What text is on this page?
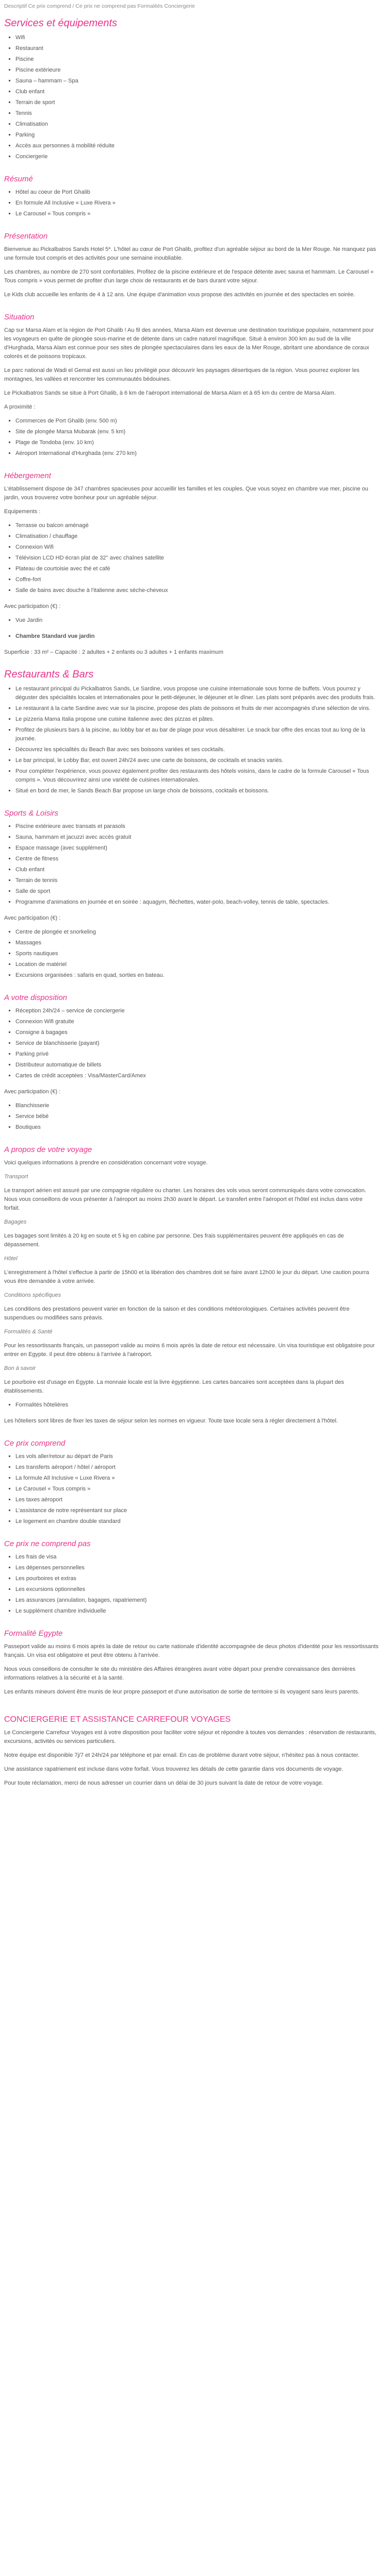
Descriptif Ce prix comprend / Ce prix ne comprend pas Formalités Conciergerie
Services et équipements
▪ Wifi
▪ Restaurant
▪ Piscine
▪ Piscine extérieure
▪ Sauna – hammam – Spa
▪ Club enfant
▪ Terrain de sport
▪ Tennis
▪ Climatisation
▪ Parking
▪ Accès aux personnes à mobilité réduite
▪ Conciergerie
Résumé
▪ Hôtel au coeur de Port Ghalib
▪ En formule All Inclusive « Luxe Rivera »
▪ Le Carousel « Tous compris »
Présentation

Bienvenue au Pickalbatros Sands Hotel 5*. L'hôtel au cœur de Port Ghalib, profitez d'un agréable séjour au bord de la Mer Rouge. Ne manquez pas une formule tout compris et des activités pour une semaine inoubliable.

Les chambres, au nombre de 270 sont confortables. Profitez de la piscine extérieure et de l'espace détente avec sauna et hammam. Le Carousel « Tous compris » vous permet de profiter d'un large choix de restaurants et de bars durant votre séjour.

Le Kids club accueille les enfants de 4 à 12 ans. Une équipe d'animation vous propose des activités en journée et des spectacles en soirée.

Situation

Cap sur Marsa Alam et la région de Port Ghalib ! Au fil des années, Marsa Alam est devenue une destination touristique populaire, notamment pour les voyageurs en quête de plongée sous-marine et de détente dans un cadre naturel magnifique. Situé à environ 300 km au sud de la ville d'Hurghada, Marsa Alam est connue pour ses sites de plongée spectaculaires dans les eaux de la Mer Rouge, abritant une abondance de coraux colorés et de poissons tropicaux.

Le parc national de Wadi el Gemal est aussi un lieu privilégié pour découvrir les paysages désertiques de la région. Vous pourrez explorer les montagnes, les vallées et rencontrer les communautés bédouines.

Le Pickalbatros Sands se situe à Port Ghalib, à 6 km de l'aéroport international de Marsa Alam et à 65 km du centre de Marsa Alam.

A proximité :

▪ Commerces de Port Ghalib (env. 500 m)
▪ Site de plongée Marsa Mubarak (env. 5 km)
▪ Plage de Tondoba (env. 10 km)
▪ Aéroport International d'Hurghada (env. 270 km)
Hébergement

L'établissement dispose de 347 chambres spacieuses pour accueillir les familles et les couples. Que vous soyez en chambre vue mer, piscine ou jardin, vous trouverez votre bonheur pour un agréable séjour.

Equipements :

▪ Terrasse ou balcon aménagé
▪ Climatisation / chauffage
▪ Connexion Wifi
▪ Télévision LCD HD écran plat de 32'' avec chaînes satellite
▪ Plateau de courtoisie avec thé et café
▪ Coffre-fort
▪ Salle de bains avec douche à l'italienne avec sèche-cheveux

Avec participation (€) :

▪ Vue Jardin
▪ Chambre Standard vue jardin

Superficie : 33 m² – Capacité : 2 adultes + 2 enfants ou 3 adultes + 1 enfants maximum

Restaurants & Bars
▪ Le restaurant principal du Pickalbatros Sands, Le Sardine, vous propose une cuisine internationale sous forme de buffets. Vous pourrez y déguster des spécialités locales et internationales pour le petit-déjeuner, le déjeuner et le dîner. Les plats sont préparés avec des produits frais.
▪ Le restaurant à la carte Sardine avec vue sur la piscine, propose des plats de poissons et fruits de mer accompagnés d'une sélection de vins.
▪ Le pizzeria Mama Italia propose une cuisine italienne avec des pizzas et pâtes.
▪ Profitez de plusieurs bars à la piscine, au lobby bar et au bar de plage pour vous désaltérer. Le snack bar offre des encas tout au long de la journée.
▪ Découvrez les spécialités du Beach Bar avec ses boissons variées et ses cocktails.
▪ Le bar principal, le Lobby Bar, est ouvert 24h/24 avec une carte de boissons, de cocktails et snacks variés.
▪ Pour compléter l'expérience, vous pouvez également profiter des restaurants des hôtels voisins, dans le cadre de la formule Carousel « Tous compris ». Vous découvrirez ainsi une variété de cuisines internationales.
▪ Situé en bord de mer, le Sands Beach Bar propose un large choix de boissons, cocktails et boissons.
Sports & Loisirs
▪ Piscine extérieure avec transats et parasols
▪ Sauna, hammam et jacuzzi avec accès gratuit
▪ Espace massage (avec supplément)
▪ Centre de fitness
▪ Club enfant
▪ Terrain de tennis
▪ Salle de sport
▪ Programme d'animations en journée et en soirée : aquagym, fléchettes, water-polo, beach-volley, tennis de table, spectacles.

Avec participation (€) :

▪ Centre de plongée et snorkeling
▪ Massages
▪ Sports nautiques
▪ Location de matériel
▪ Excursions organisées : safaris en quad, sorties en bateau.
A votre disposition
▪ Réception 24h/24 – service de conciergerie
▪ Connexion Wifi gratuite
▪ Consigne à bagages
▪ Service de blanchisserie (payant)
▪ Parking privé
▪ Distributeur automatique de billets
▪ Cartes de crédit acceptées : Visa/MasterCard/Amex

Avec participation (€) :

▪ Blanchisserie
▪ Service bébé
▪ Boutiques
A propos de votre voyage

Voici quelques informations à prendre en considération concernant votre voyage.

Transport

Le transport aérien est assuré par une compagnie régulière ou charter. Les horaires des vols vous seront communiqués dans votre convocation. Nous vous conseillons de vous présenter à l'aéroport au moins 2h30 avant le départ. Le transfert entre l'aéroport et l'hôtel est inclus dans votre forfait.

Bagages

Les bagages sont limités à 20 kg en soute et 5 kg en cabine par personne. Des frais supplémentaires peuvent être appliqués en cas de dépassement.

Hôtel

L'enregistrement à l'hôtel s'effectue à partir de 15h00 et la libération des chambres doit se faire avant 12h00 le jour du départ. Une caution pourra vous être demandée à votre arrivée.

Conditions spécifiques

Les conditions des prestations peuvent varier en fonction de la saison et des conditions météorologiques. Certaines activités peuvent être suspendues ou modifiées sans préavis.

Formalités & Santé

Pour les ressortissants français, un passeport valide au moins 6 mois après la date de retour est nécessaire. Un visa touristique est obligatoire pour entrer en Egypte. Il peut être obtenu à l'arrivée à l'aéroport.

Bon à savoir

Le pourboire est d'usage en Egypte. La monnaie locale est la livre égyptienne. Les cartes bancaires sont acceptées dans la plupart des établissements.

▪ Formalités hôtelières

Les hôteliers sont libres de fixer les taxes de séjour selon les normes en vigueur. Toute taxe locale sera à régler directement à l'hôtel.

Ce prix comprend
▪ Les vols aller/retour au départ de Paris
▪ Les transferts aéroport / hôtel / aéroport
▪ La formule All Inclusive « Luxe Rivera »
▪ Le Carousel « Tous compris »
▪ Les taxes aéroport
▪ L'assistance de notre représentant sur place
▪ Le logement en chambre double standard
Ce prix ne comprend pas
▪ Les frais de visa
▪ Les dépenses personnelles
▪ Les pourboires et extras
▪ Les excursions optionnelles
▪ Les assurances (annulation, bagages, rapatriement)
▪ Le supplément chambre individuelle
Formalité Egypte

Passeport valide au moins 6 mois après la date de retour ou carte nationale d'identité accompagnée de deux photos d'identité pour les ressortissants français. Un visa est obligatoire et peut être obtenu à l'arrivée.

Nous vous conseillons de consulter le site du ministère des Affaires étrangères avant votre départ pour prendre connaissance des dernières informations relatives à la sécurité et à la santé.

Les enfants mineurs doivent être munis de leur propre passeport et d'une autorisation de sortie de territoire si ils voyagent sans leurs parents.

CONCIERGERIE ET ASSISTANCE CARREFOUR VOYAGES

Le Conciergerie Carrefour Voyages est à votre disposition pour faciliter votre séjour et répondre à toutes vos demandes : réservation de restaurants, excursions, activités ou services particuliers.

Notre équipe est disponible 7j/7 et 24h/24 par téléphone et par email. En cas de problème durant votre séjour, n'hésitez pas à nous contacter.

Une assistance rapatriement est incluse dans votre forfait. Vous trouverez les détails de cette garantie dans vos documents de voyage.

Pour toute réclamation, merci de nous adresser un courrier dans un délai de 30 jours suivant la date de retour de votre voyage.
